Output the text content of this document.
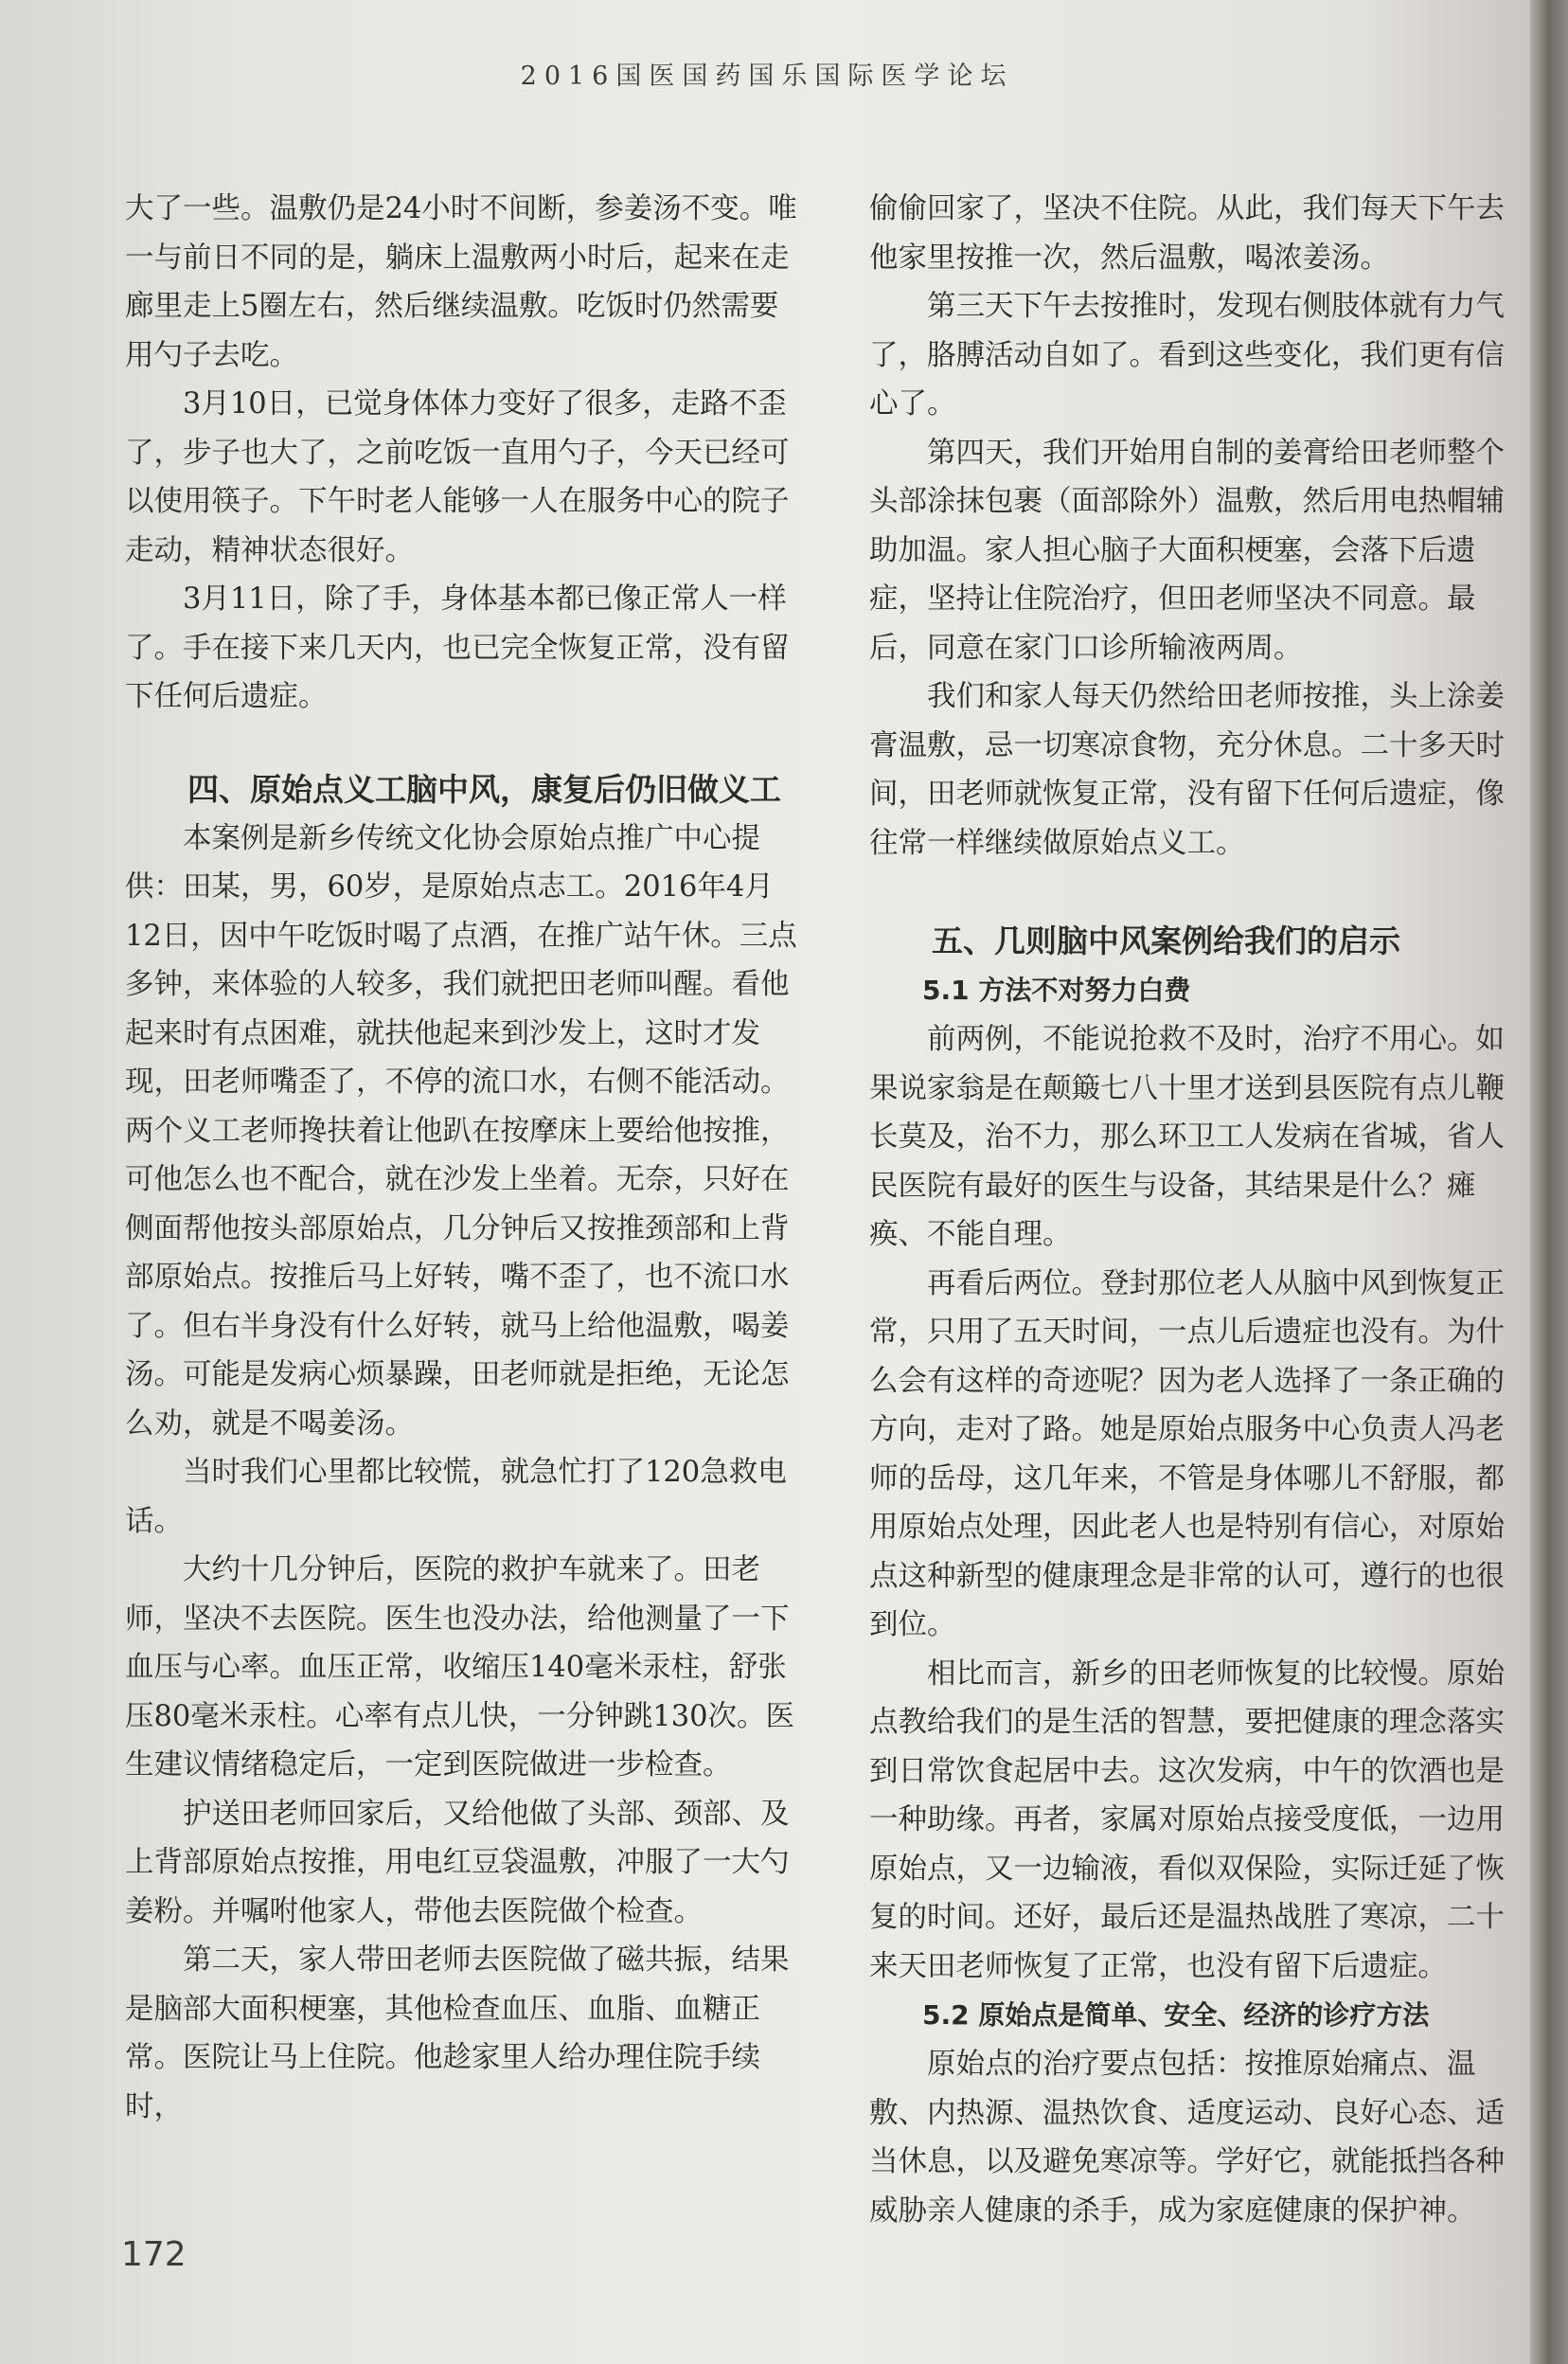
2016国医国药国乐国际医学论坛

大了一些。温敷仍是24小时不间断，参姜汤不变。唯一与前日不同的是，躺床上温敷两小时后，起来在走廊里走上5圈左右，然后继续温敷。吃饭时仍然需要用勺子去吃。

3月10日，已觉身体体力变好了很多，走路不歪了，步子也大了，之前吃饭一直用勺子，今天已经可以使用筷子。下午时老人能够一人在服务中心的院子走动，精神状态很好。

3月11日，除了手，身体基本都已像正常人一样了。手在接下来几天内，也已完全恢复正常，没有留下任何后遗症。

四、原始点义工脑中风，康复后仍旧做义工

本案例是新乡传统文化协会原始点推广中心提供：田某，男，60岁，是原始点志工。2016年4月12日，因中午吃饭时喝了点酒，在推广站午休。三点多钟，来体验的人较多，我们就把田老师叫醒。看他起来时有点困难，就扶他起来到沙发上，这时才发现，田老师嘴歪了，不停的流口水，右侧不能活动。两个义工老师搀扶着让他趴在按摩床上要给他按推，可他怎么也不配合，就在沙发上坐着。无奈，只好在侧面帮他按头部原始点，几分钟后又按推颈部和上背部原始点。按推后马上好转，嘴不歪了，也不流口水了。但右半身没有什么好转，就马上给他温敷，喝姜汤。可能是发病心烦暴躁，田老师就是拒绝，无论怎么劝，就是不喝姜汤。

当时我们心里都比较慌，就急忙打了120急救电话。

大约十几分钟后，医院的救护车就来了。田老师，坚决不去医院。医生也没办法，给他测量了一下血压与心率。血压正常，收缩压140毫米汞柱，舒张压80毫米汞柱。心率有点儿快，一分钟跳130次。医生建议情绪稳定后，一定到医院做进一步检查。

护送田老师回家后，又给他做了头部、颈部、及上背部原始点按推，用电红豆袋温敷，冲服了一大勺姜粉。并嘱咐他家人，带他去医院做个检查。

第二天，家人带田老师去医院做了磁共振，结果是脑部大面积梗塞，其他检查血压、血脂、血糖正常。医院让马上住院。他趁家里人给办理住院手续时，

偷偷回家了，坚决不住院。从此，我们每天下午去他家里按推一次，然后温敷，喝浓姜汤。

第三天下午去按推时，发现右侧肢体就有力气了，胳膊活动自如了。看到这些变化，我们更有信心了。

第四天，我们开始用自制的姜膏给田老师整个头部涂抹包裹（面部除外）温敷，然后用电热帽辅助加温。家人担心脑子大面积梗塞，会落下后遗症，坚持让住院治疗，但田老师坚决不同意。最后，同意在家门口诊所输液两周。

我们和家人每天仍然给田老师按推，头上涂姜膏温敷，忌一切寒凉食物，充分休息。二十多天时间，田老师就恢复正常，没有留下任何后遗症，像往常一样继续做原始点义工。

五、几则脑中风案例给我们的启示

5.1 方法不对努力白费

前两例，不能说抢救不及时，治疗不用心。如果说家翁是在颠簸七八十里才送到县医院有点儿鞭长莫及，治不力，那么环卫工人发病在省城，省人民医院有最好的医生与设备，其结果是什么？瘫痪、不能自理。

再看后两位。登封那位老人从脑中风到恢复正常，只用了五天时间，一点儿后遗症也没有。为什么会有这样的奇迹呢？因为老人选择了一条正确的方向，走对了路。她是原始点服务中心负责人冯老师的岳母，这几年来，不管是身体哪儿不舒服，都用原始点处理，因此老人也是特别有信心，对原始点这种新型的健康理念是非常的认可，遵行的也很到位。

相比而言，新乡的田老师恢复的比较慢。原始点教给我们的是生活的智慧，要把健康的理念落实到日常饮食起居中去。这次发病，中午的饮酒也是一种助缘。再者，家属对原始点接受度低，一边用原始点，又一边输液，看似双保险，实际迁延了恢复的时间。还好，最后还是温热战胜了寒凉，二十来天田老师恢复了正常，也没有留下后遗症。

5.2 原始点是简单、安全、经济的诊疗方法

原始点的治疗要点包括：按推原始痛点、温敷、内热源、温热饮食、适度运动、良好心态、适当休息，以及避免寒凉等。学好它，就能抵挡各种威胁亲人健康的杀手，成为家庭健康的保护神。

172
